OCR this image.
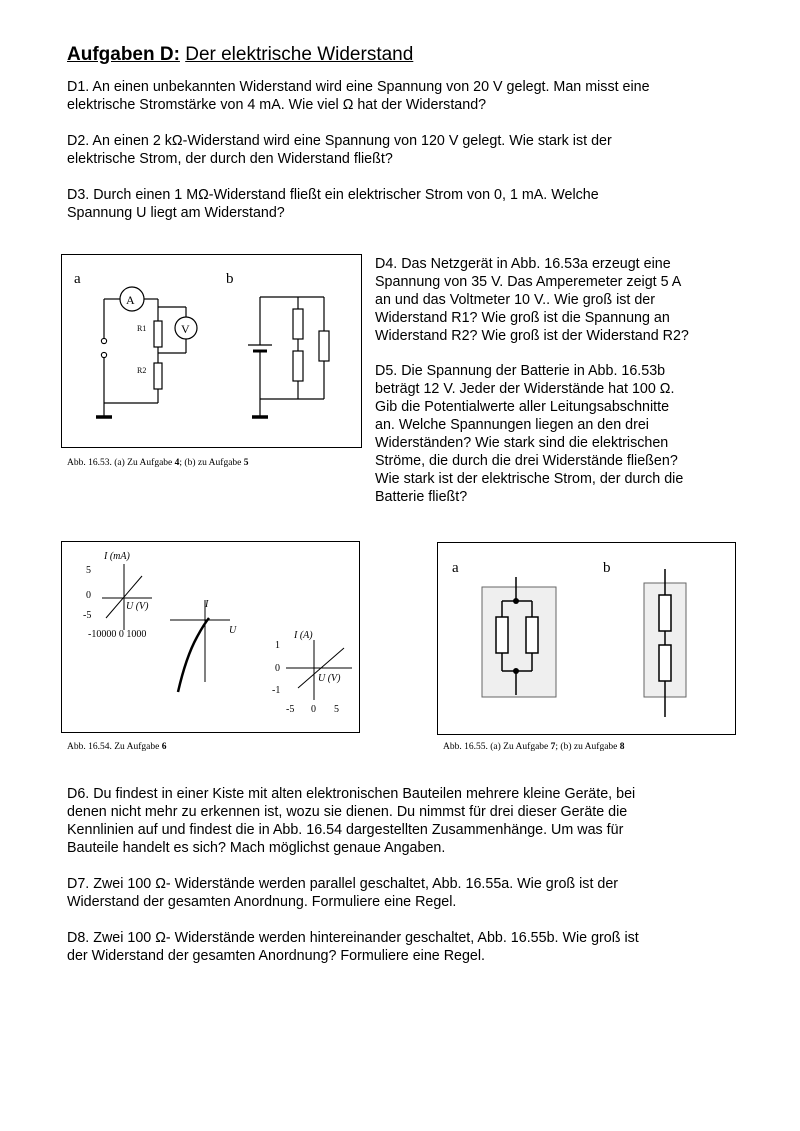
Aufgaben D: Der elektrische Widerstand
D1. An einen unbekannten Widerstand wird eine Spannung von 20 V gelegt. Man misst eine
elektrische Stromstärke von 4 mA. Wie viel Ω hat der Widerstand?
D2. An einen 2 kΩ-Widerstand wird eine Spannung von 120 V gelegt. Wie stark ist der
elektrische Strom, der durch den Widerstand fließt?
D3. Durch einen 1 MΩ-Widerstand fließt ein elektrischer Strom von 0, 1 mA. Welche
Spannung U liegt am Widerstand?
a
A
V
R1
R2
b
Abb. 16.53. (a) Zu Aufgabe 4; (b) zu Aufgabe 5
D4. Das Netzgerät in Abb. 16.53a erzeugt eine
Spannung von 35 V. Das Amperemeter zeigt 5 A
an und das Voltmeter 10 V.. Wie groß ist der
Widerstand R1? Wie groß ist die Spannung an
Widerstand R2? Wie groß ist der Widerstand R2?
D5. Die Spannung der Batterie in Abb. 16.53b
beträgt 12 V. Jeder der Widerstände hat 100 Ω.
Gib die Potentialwerte aller Leitungsabschnitte
an. Welche Spannungen liegen an den drei
Widerständen? Wie stark sind die elektrischen
Ströme, die durch die drei Widerstände fließen?
Wie stark ist der elektrische Strom, der durch die
Batterie fließt?
I (mA)
5
0
-5
U (V)
-10000 0 1000
I
U	I (A)
1
0
-1
U (V)
-5 0 5
Abb. 16.54. Zu Aufgabe 6
a	b
Abb. 16.55. (a) Zu Aufgabe 7; (b) zu Aufgabe 8
D6. Du findest in einer Kiste mit alten elektronischen Bauteilen mehrere kleine Geräte, bei
denen nicht mehr zu erkennen ist, wozu sie dienen. Du nimmst für drei dieser Geräte die
Kennlinien auf und findest die in Abb. 16.54 dargestellten Zusammenhänge. Um was für
Bauteile handelt es sich? Mach möglichst genaue Angaben.
D7. Zwei 100 Ω- Widerstände werden parallel geschaltet, Abb. 16.55a. Wie groß ist der
Widerstand der gesamten Anordnung. Formuliere eine Regel.
D8. Zwei 100 Ω- Widerstände werden hintereinander geschaltet, Abb. 16.55b. Wie groß ist
der Widerstand der gesamten Anordnung? Formuliere eine Regel.
